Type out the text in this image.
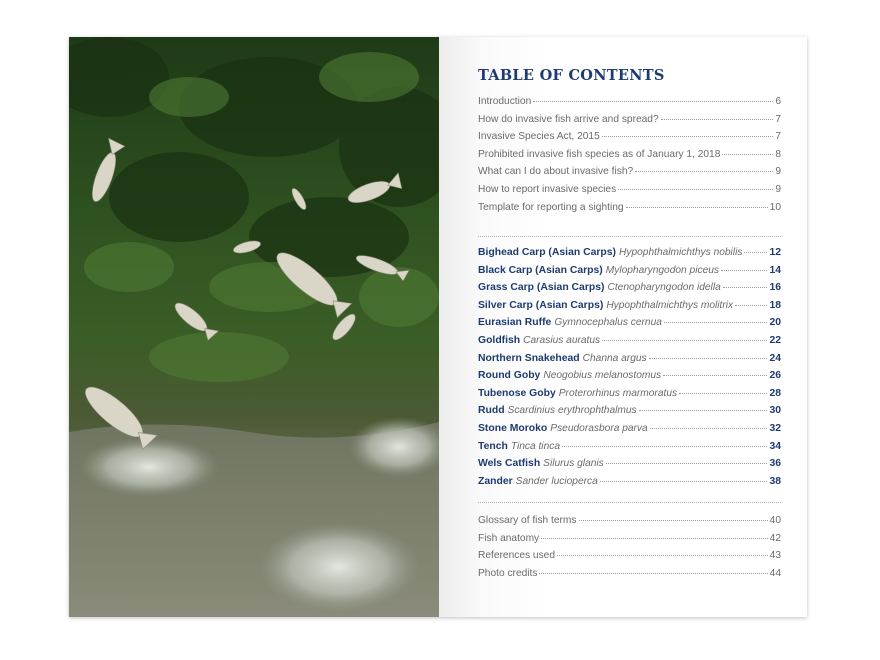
TABLE OF CONTENTS
Introduction	6
How do invasive fish arrive and spread?	7
Invasive Species Act, 2015	7
Prohibited invasive fish species as of January 1, 2018	8
What can I do about invasive fish?	9
How to report invasive species	9
Template for reporting a sighting	10
Bighead Carp (Asian Carps) Hypophthalmichthys nobilis	12
Black Carp (Asian Carps) Mylopharyngodon piceus	14
Grass Carp (Asian Carps) Ctenopharyngodon idella	16
Silver Carp (Asian Carps) Hypophthalmichthys molitrix	18
Eurasian Ruffe Gymnocephalus cernua	20
Goldfish Carasius auratus	22
Northern Snakehead Channa argus	24
Round Goby Neogobius melanostomus	26
Tubenose Goby Proterorhinus marmoratus	28
Rudd Scardinius erythrophthalmus	30
Stone Moroko Pseudorasbora parva	32
Tench Tinca tinca	34
Wels Catfish Silurus glanis	36
Zander Sander lucioperca	38
Glossary of fish terms	40
Fish anatomy	42
References used	43
Photo credits	44
